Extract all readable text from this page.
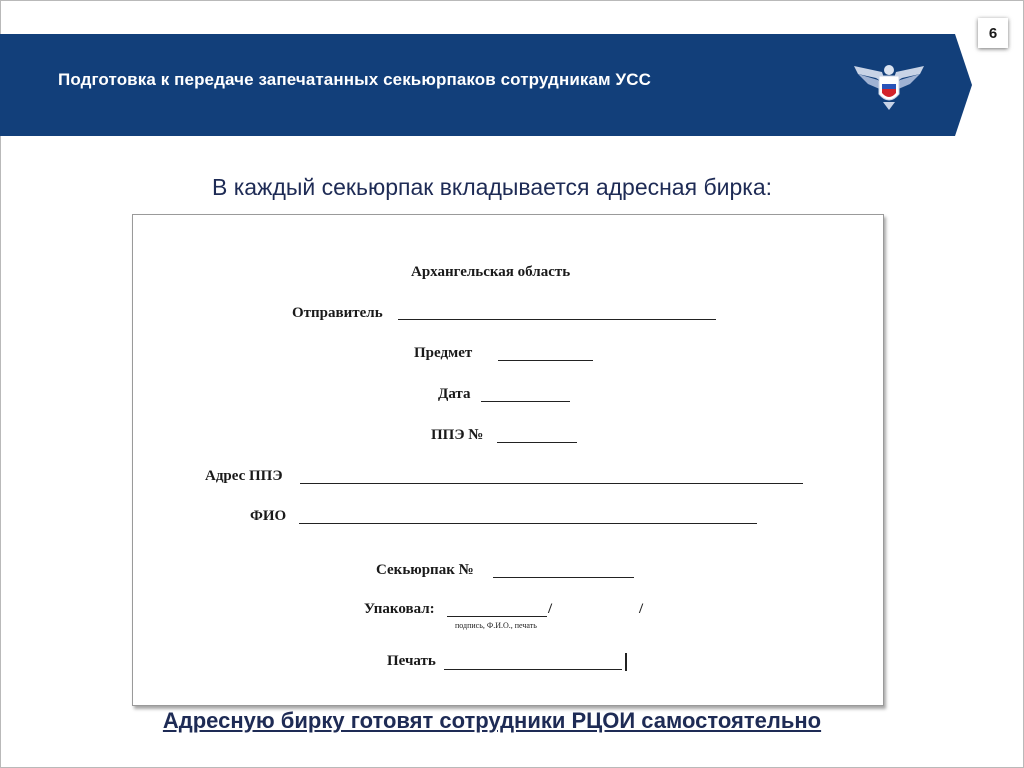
Подготовка к передаче запечатанных секьюрпаков сотрудникам УСС
6

В каждый секьюрпак вкладывается адресная бирка:

Архангельская область
Отправитель
Предмет
Дата
ППЭ №
Адрес ППЭ
ФИО
Секьюрпак №
Упаковал:	/	/
подпись, Ф.И.О., печать
Печать

Адресную бирку готовят сотрудники РЦОИ самостоятельно
